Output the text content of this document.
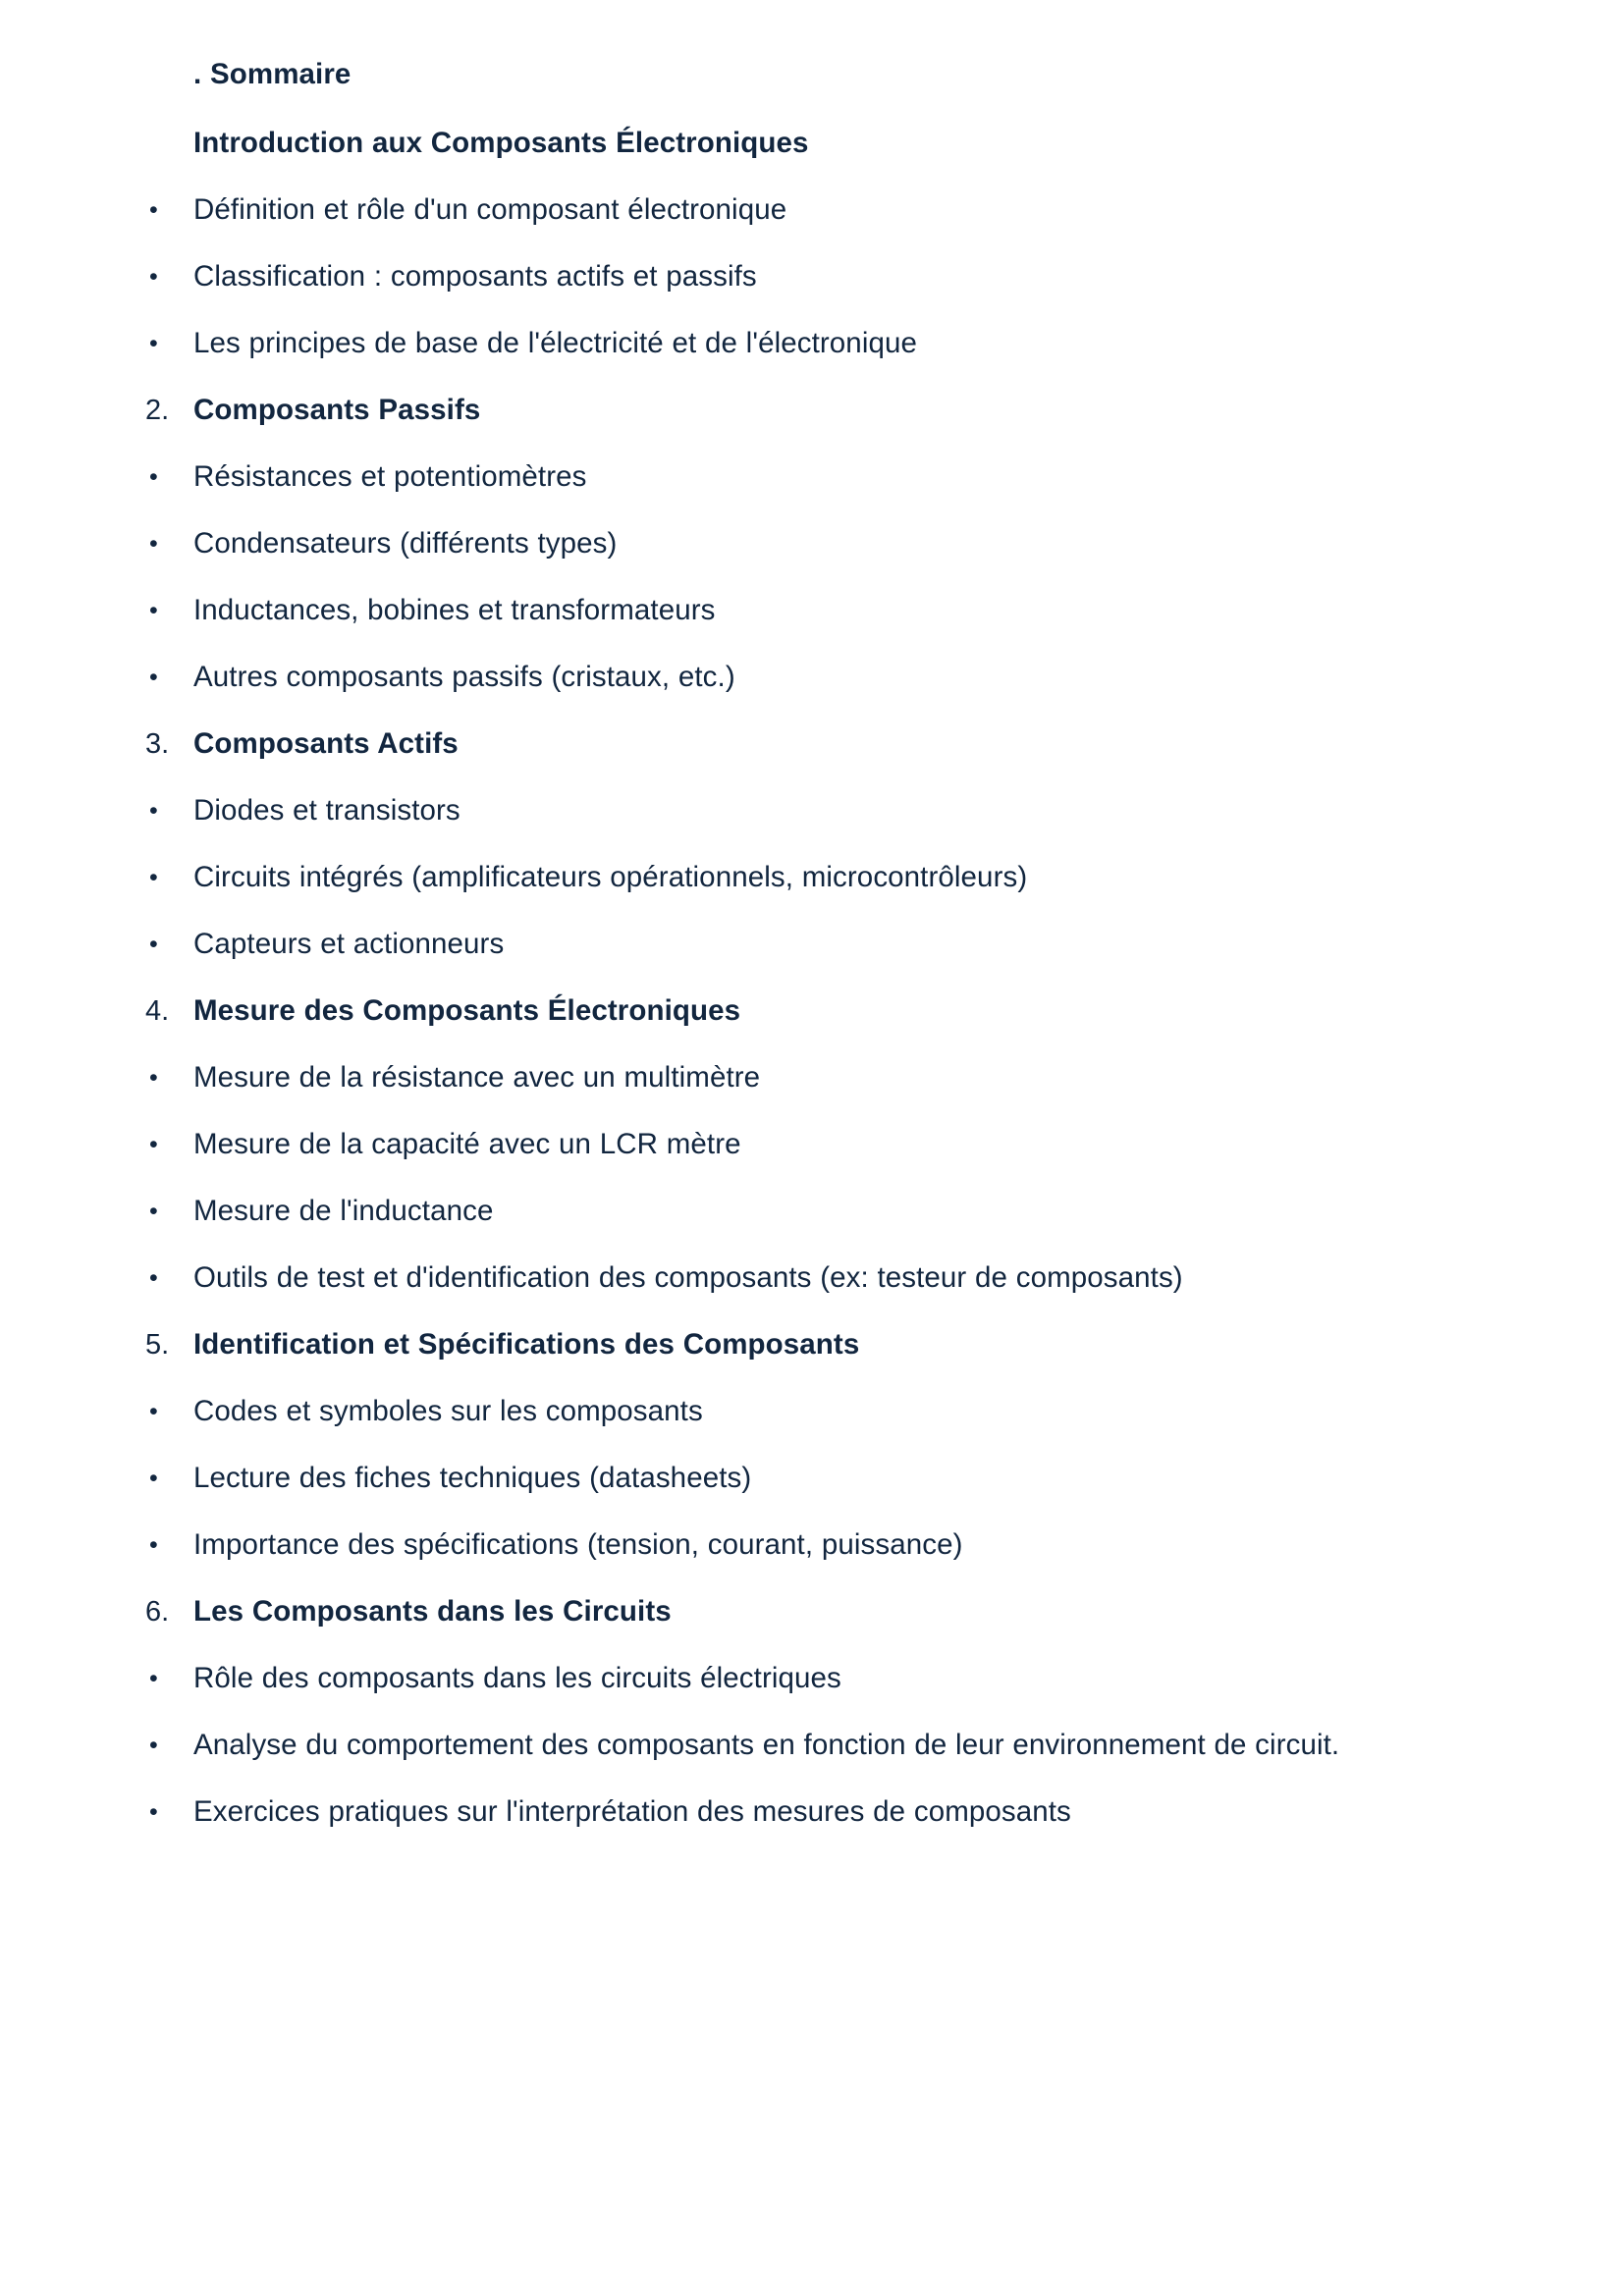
. Sommaire
Introduction aux Composants Électroniques
•	Définition et rôle d'un composant électronique
•	Classification : composants actifs et passifs
•	Les principes de base de l'électricité et de l'électronique
2. Composants Passifs
•	Résistances et potentiomètres
•	Condensateurs (différents types)
•	Inductances, bobines et transformateurs
•	Autres composants passifs (cristaux, etc.)
3. Composants Actifs
•	Diodes et transistors
•	Circuits intégrés (amplificateurs opérationnels, microcontrôleurs)
•	Capteurs et actionneurs
4. Mesure des Composants Électroniques
•	Mesure de la résistance avec un multimètre
•	Mesure de la capacité avec un LCR mètre
•	Mesure de l'inductance
•	Outils de test et d'identification des composants (ex: testeur de composants)
5. Identification et Spécifications des Composants
•	Codes et symboles sur les composants
•	Lecture des fiches techniques (datasheets)
•	Importance des spécifications (tension, courant, puissance)
6. Les Composants dans les Circuits
•	Rôle des composants dans les circuits électriques
•	Analyse du comportement des composants en fonction de leur environnement de circuit.
•	Exercices pratiques sur l'interprétation des mesures de composants
